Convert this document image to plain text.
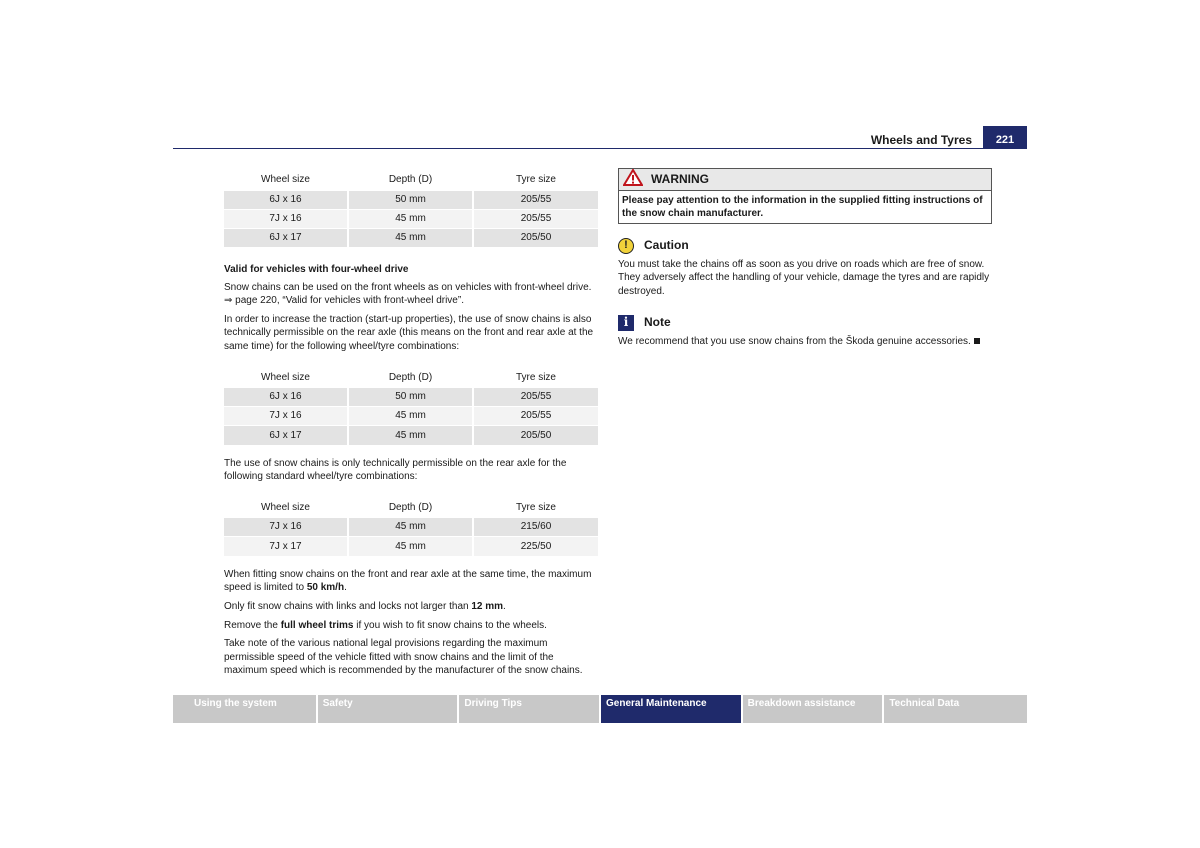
Wheels and Tyres	221
Wheel size	Depth (D)	Tyre size
6J x 16	50 mm	205/55
7J x 16	45 mm	205/55
6J x 17	45 mm	205/50

Valid for vehicles with four-wheel drive

Snow chains can be used on the front wheels as on vehicles with front-wheel drive. ⇒ page 220, “Valid for vehicles with front-wheel drive”.

In order to increase the traction (start-up properties), the use of snow chains is also technically permissible on the rear axle (this means on the front and rear axle at the same time) for the following wheel/tyre combinations:

Wheel size	Depth (D)	Tyre size
6J x 16	50 mm	205/55
7J x 16	45 mm	205/55
6J x 17	45 mm	205/50

The use of snow chains is only technically permissible on the rear axle for the following standard wheel/tyre combinations:

Wheel size	Depth (D)	Tyre size
7J x 16	45 mm	215/60
7J x 17	45 mm	225/50

When fitting snow chains on the front and rear axle at the same time, the maximum speed is limited to 50 km/h.

Only fit snow chains with links and locks not larger than 12 mm.

Remove the full wheel trims if you wish to fit snow chains to the wheels.

Take note of the various national legal provisions regarding the maximum permissible speed of the vehicle fitted with snow chains and the limit of the maximum speed which is recommended by the manufacturer of the snow chains.

WARNING
Please pay attention to the information in the supplied fitting instructions of the snow chain manufacturer.
!	Caution

You must take the chains off as soon as you drive on roads which are free of snow. They adversely affect the handling of your vehicle, damage the tyres and are rapidly destroyed.

i	Note

We recommend that you use snow chains from the Škoda genuine accessories.

Using the system	Safety	Driving Tips	General Maintenance	Breakdown assistance	Technical Data
